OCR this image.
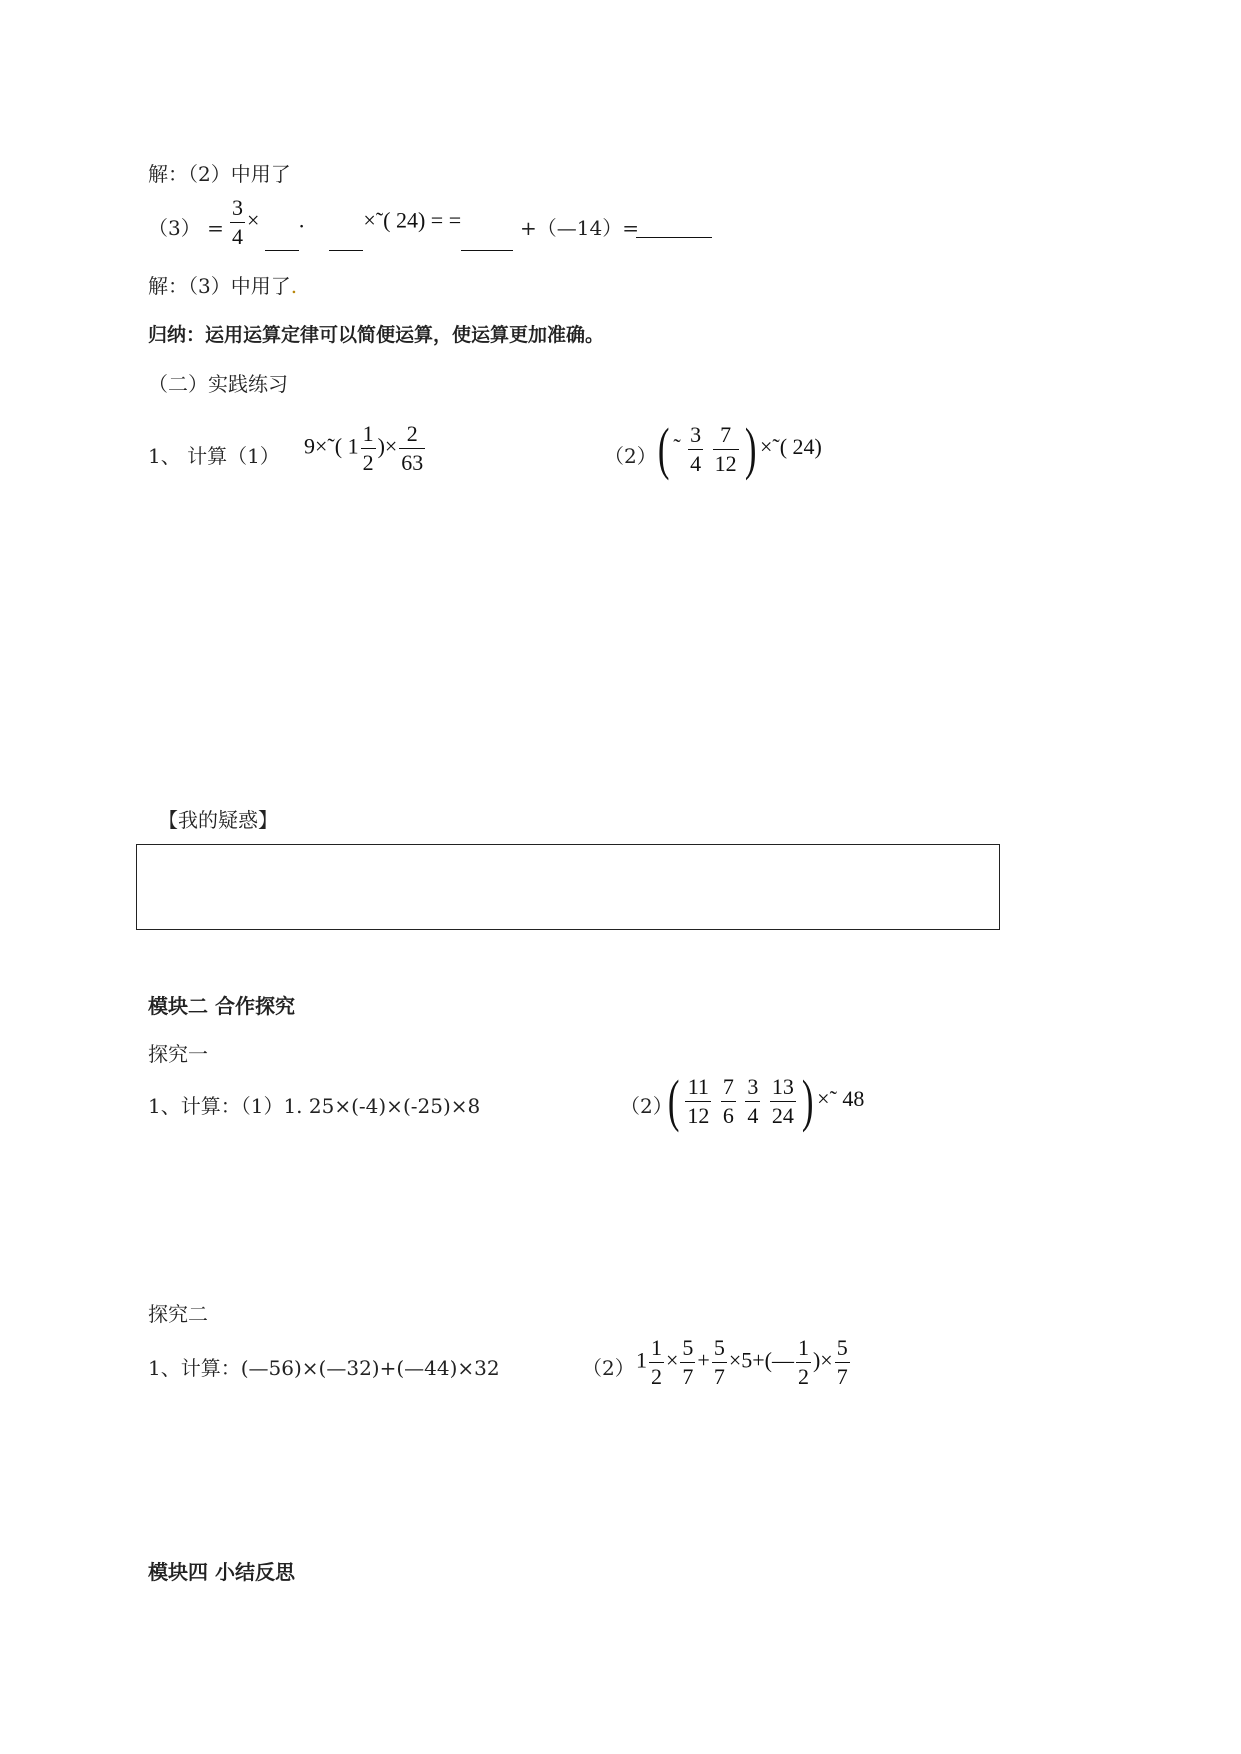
解：（2）中用了
$(3) = \frac{3}{4}$ × .	×˜( 24) = =	+（—14）=
解：（3）中用了.
归纳：运用运算定律可以简便运算，使运算更加准确。
（二）实践练习
1、 计算（1） 9×˜( $1 \frac{1}{2}$ )× $\frac{2}{63}$	（2） ( ˜ $\frac{3}{4}$
$\frac{7}{12}$ ) ×˜( 24)
【我的疑惑】
模块二 合作探究
探究一
1、计算：（1）1. 25×(-4)×(-25)×8	（2）
( $\frac{11}{12}$
$\frac{7}{6}$
$\frac{3}{4}$
$\frac{13}{24}$ ) ×˜ 48
探究二
1、计算：(—56)×(—32)+(—44)×32	（2） $1 \frac{1}{2} \times \frac{5}{7} + \frac{5}{7}$ ×5+(— $\frac{1}{2}$ )× $\frac{5}{7}$
模块四 小结反思
